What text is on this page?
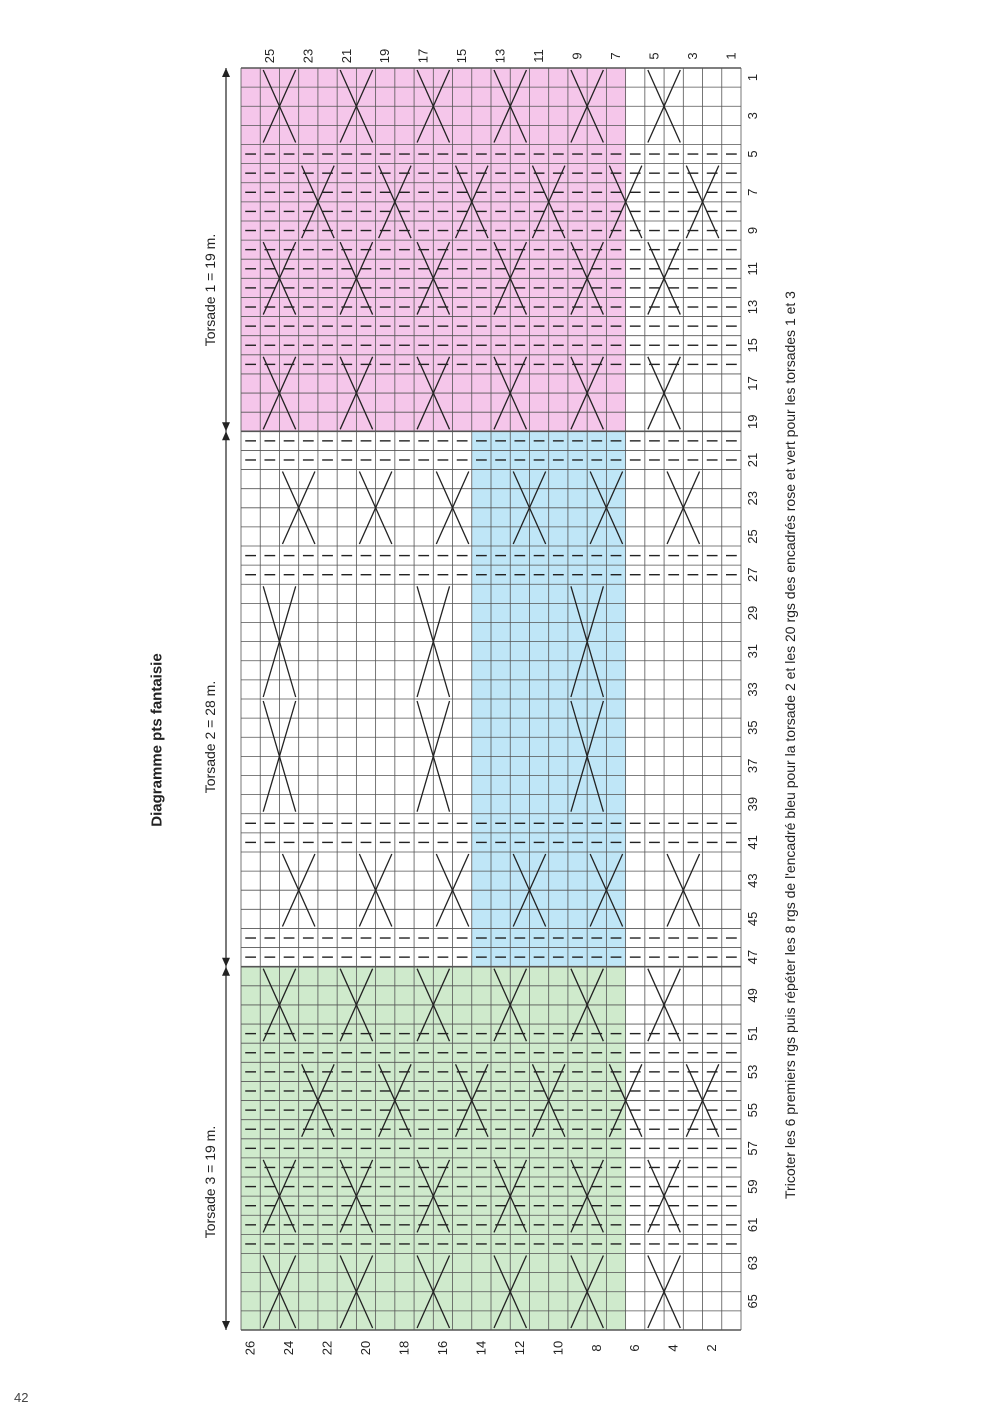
1
3
5
7
9
11
13
15
17
19
21
23
25
27
29
31
33
35
37
39
41
43
45
47
49
51
53
55
57
59
61
63
65
1
3
5
7
9
11
13
15
17
19
21
23
25
2
4
6
8
10
12
14
16
18
20
22
24
26
Diagramme pts fantaisie
Torsade 1 = 19 m.
Torsade 2 = 28 m.
Torsade 3 = 19 m.	Tricoter les 6 premiers rgs puis répéter les 8 rgs de l'encadré bleu pour la torsade 2 et les 20 rgs des encadrés rose et vert pour les torsades 1 et 3
42
